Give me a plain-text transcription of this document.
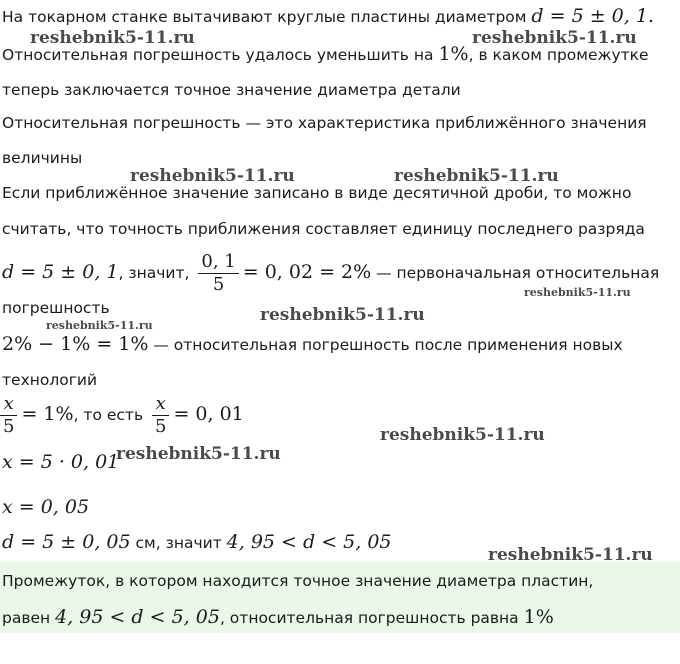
На токарном станке вытачивают круглые пластины диаметром d = 5 ± 0, 1.
Относительная погрешность удалось уменьшить на 1%, в каком промежутке
теперь заключается точное значение диаметра детали
Относительная погрешность — это характеристика приближённого значения
величины
Если приближённое значение записано в виде десятичной дроби, то можно
считать, что точность приближения составляет единицу последнего разряда
d = 5 ± 0, 1, значит, $\frac{0, 1}{5} = 0$, 02 = 2% — первоначальная относительная
погрешность
2% − 1% = 1% — относительная погрешность после применения новых
технологий
$\frac{x}{5} = 1\%$, то есть $\frac{x}{5} = 0$, 01
x = 5 · 0, 01
x = 0, 05
d = 5 ± 0, 05 см, значит 4, 95 < d < 5, 05
Промежуток, в котором находится точное значение диаметра пластин,
равен 4, 95 < d < 5, 05, относительная погрешность равна 1%
reshebnik5-11.ru	reshebnik5-11.ru
reshebnik5-11.ru	reshebnik5-11.ru
reshebnik5-11.ru
reshebnik5-11.ru
reshebnik5-11.ru
reshebnik5-11.ru
reshebnik5-11.ru
reshebnik5-11.ru
